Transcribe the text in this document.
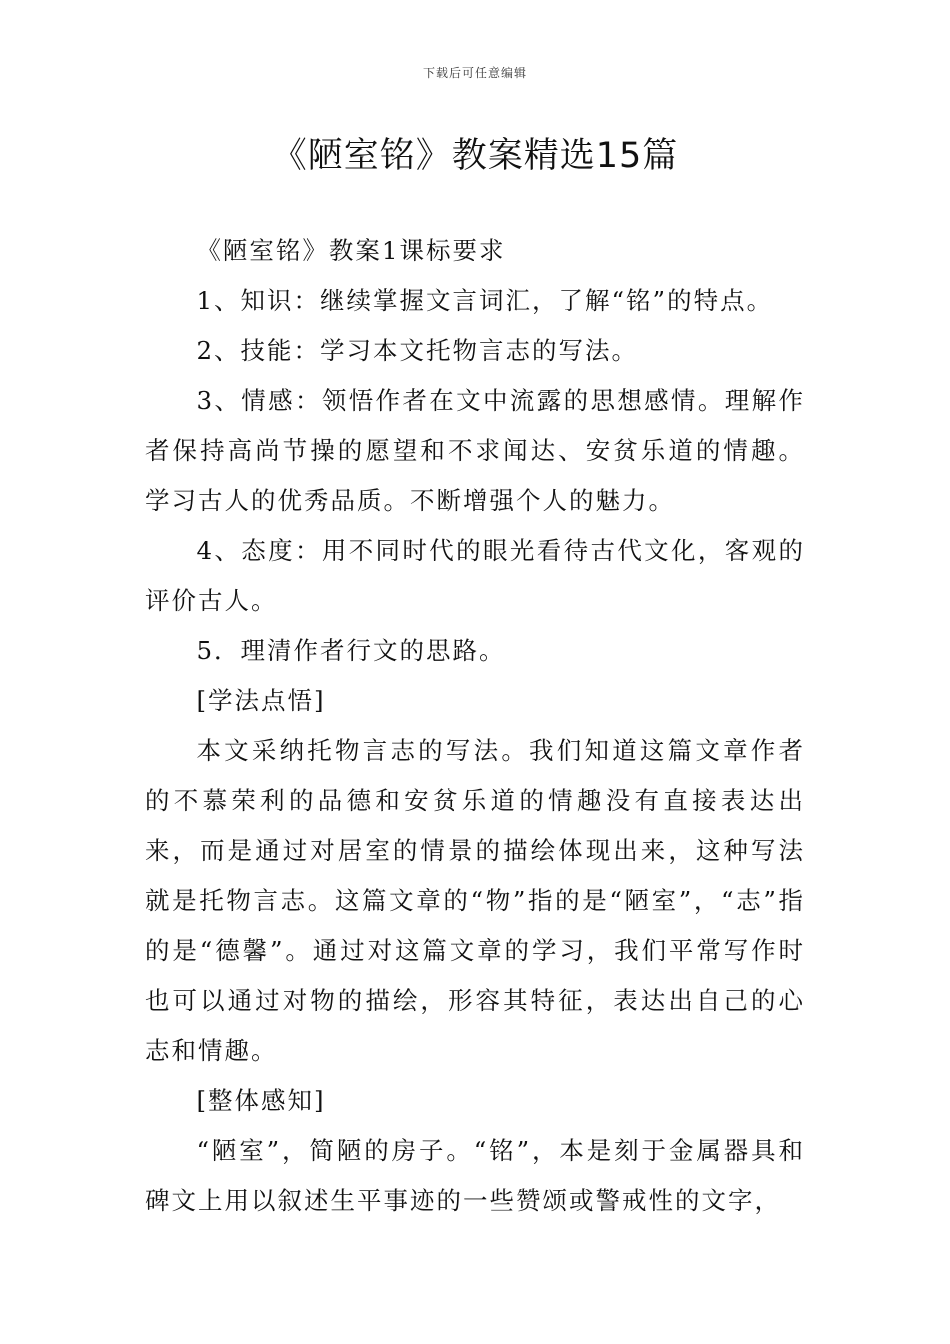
下载后可任意编辑
《陋室铭》教案精选15篇

《陋室铭》教案1课标要求

1、知识：继续掌握文言词汇，了解“铭”的特点。

2、技能：学习本文托物言志的写法。

3、情感：领悟作者在文中流露的思想感情。理解作者保持高尚节操的愿望和不求闻达、安贫乐道的情趣。学习古人的优秀品质。不断增强个人的魅力。

4、态度：用不同时代的眼光看待古代文化，客观的评价古人。

5．理清作者行文的思路。

[学法点悟]

本文采纳托物言志的写法。我们知道这篇文章作者的不慕荣利的品德和安贫乐道的情趣没有直接表达出来，而是通过对居室的情景的描绘体现出来，这种写法就是托物言志。这篇文章的“物”指的是“陋室”，“志”指的是“德馨”。通过对这篇文章的学习，我们平常写作时也可以通过对物的描绘，形容其特征，表达出自己的心志和情趣。

[整体感知]

“陋室”，简陋的房子。“铭”，本是刻于金属器具和碑文上用以叙述生平事迹的一些赞颂或警戒性的文字，
